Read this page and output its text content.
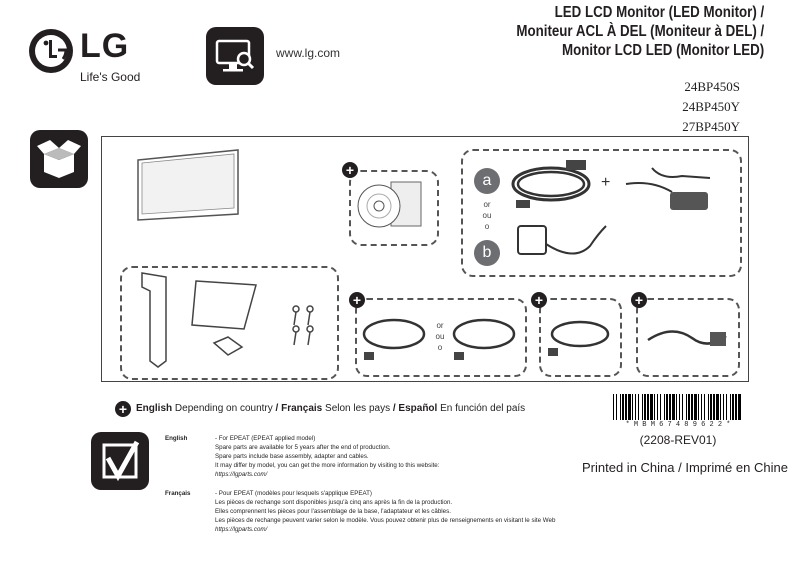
LG
Life's Good
www.lg.com
LED LCD Monitor (LED Monitor) /
Moniteur ACL À DEL (Moniteur à DEL) /
Monitor LCD LED (Monitor LED)
24BP450S
24BP450Y
27BP450Y
+
a
or
ou
o
b
+
+
or
ou
o
+	+
+ English Depending on country / Français Selon les pays / Español En función del país
* M B M 6 7 4 8 9 6 2 2 *
(2208-REV01)
Printed in China / Imprimé en Chine
English	- For EPEAT (EPEAT applied model)
Spare parts are available for 5 years after the end of production.
Spare parts include base assembly, adapter and cables.
It may differ by model, you can get the more information by visiting to this website:
https://lgparts.com/
Français	- Pour EPEAT (modèles pour lesquels s'applique EPEAT)
Les pièces de rechange sont disponibles jusqu'à cinq ans après la fin de la production.
Elles comprennent les pièces pour l'assemblage de la base, l'adaptateur et les câbles.
Les pièces de rechange peuvent varier selon le modèle. Vous pouvez obtenir plus de renseignements en visitant le site Web
https://lgparts.com/
